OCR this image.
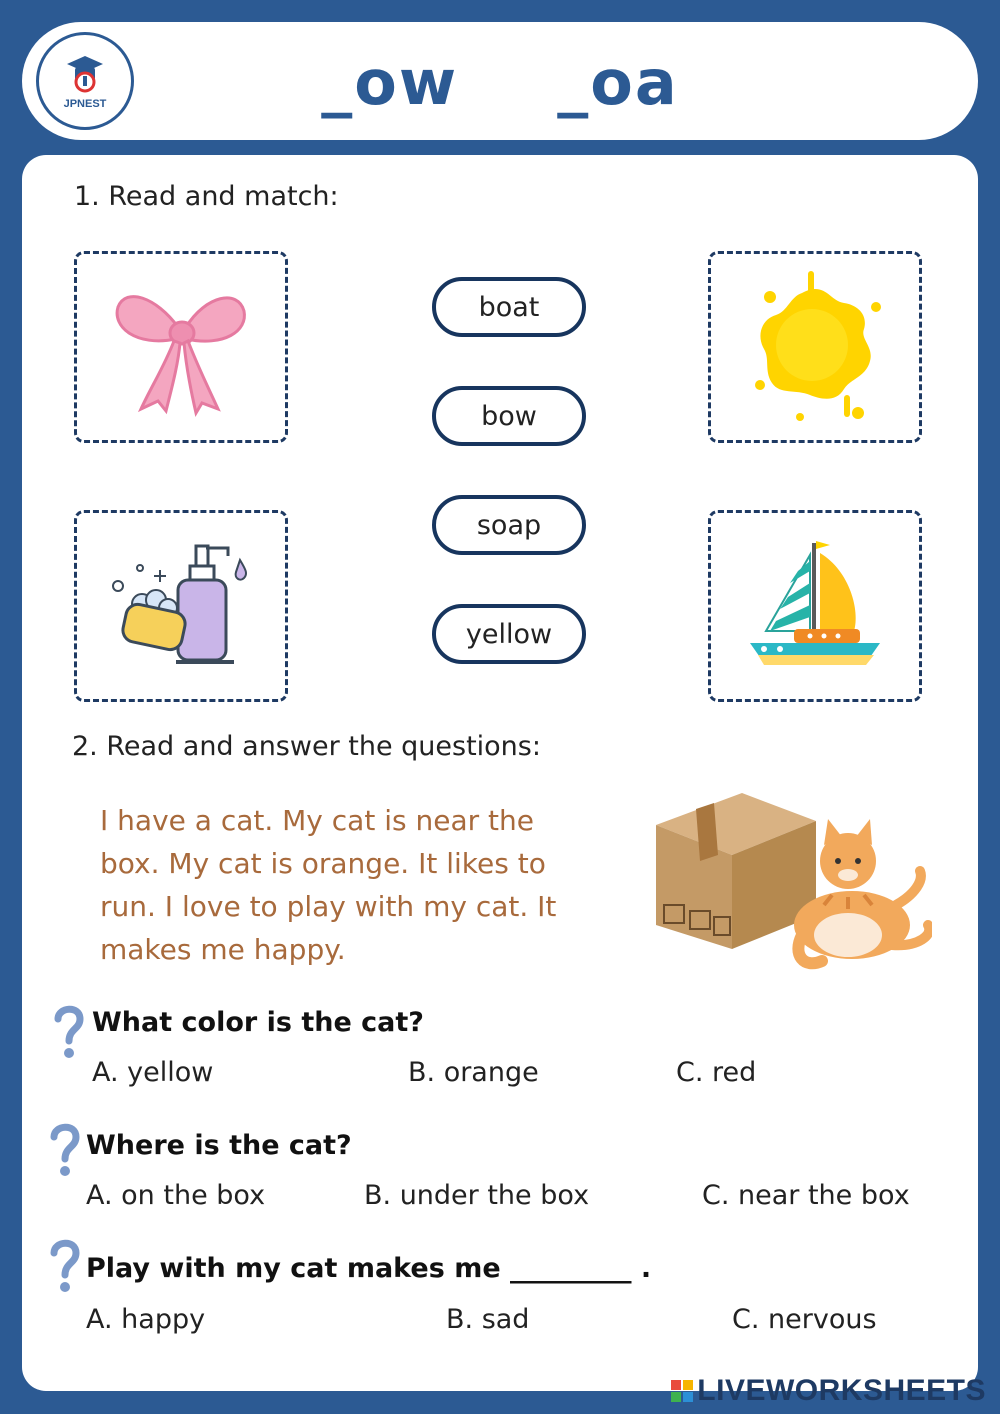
JPNEST	_ow  _oa
1. Read and match:
boat
bow
soap
yellow
2. Read and answer the questions:
I have a cat. My cat is near the box. My cat is orange. It likes to run. I love to play with my cat. It makes me happy.
What color is the cat?
A. yellow	B. orange	C. red
Where is the cat?
A. on the box	B. under the box	C. near the box
Play with my cat makes me _________ .
A. happy	B. sad	C. nervous
LIVEWORKSHEETS
